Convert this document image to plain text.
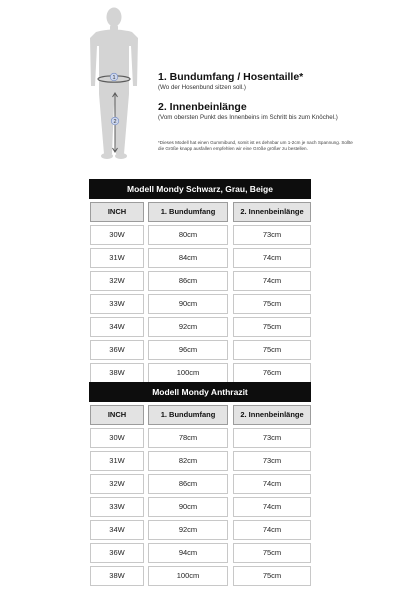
1
2
1. Bundumfang / Hosentaille*
(Wo der Hosenbund sitzen soll.)
2. Innenbeinlänge
(Vom obersten Punkt des Innenbeins im Schritt bis zum Knöchel.)
*Dieses Modell hat einen Gummibund, somit ist es dehnbar um 1-2cm je nach Spannung. Sollte die Größe knapp ausfallen empfehlen wir eine Größe größer zu bestellen.
Modell Mondy Schwarz, Grau, Beige
INCH	1. Bundumfang	2. Innenbeinlänge
30W	80cm	73cm
31W	84cm	74cm
32W	86cm	74cm
33W	90cm	75cm
34W	92cm	75cm
36W	96cm	75cm
38W	100cm	76cm
Modell Mondy Anthrazit
INCH	1. Bundumfang	2. Innenbeinlänge
30W	78cm	73cm
31W	82cm	73cm
32W	86cm	74cm
33W	90cm	74cm
34W	92cm	74cm
36W	94cm	75cm
38W	100cm	75cm
